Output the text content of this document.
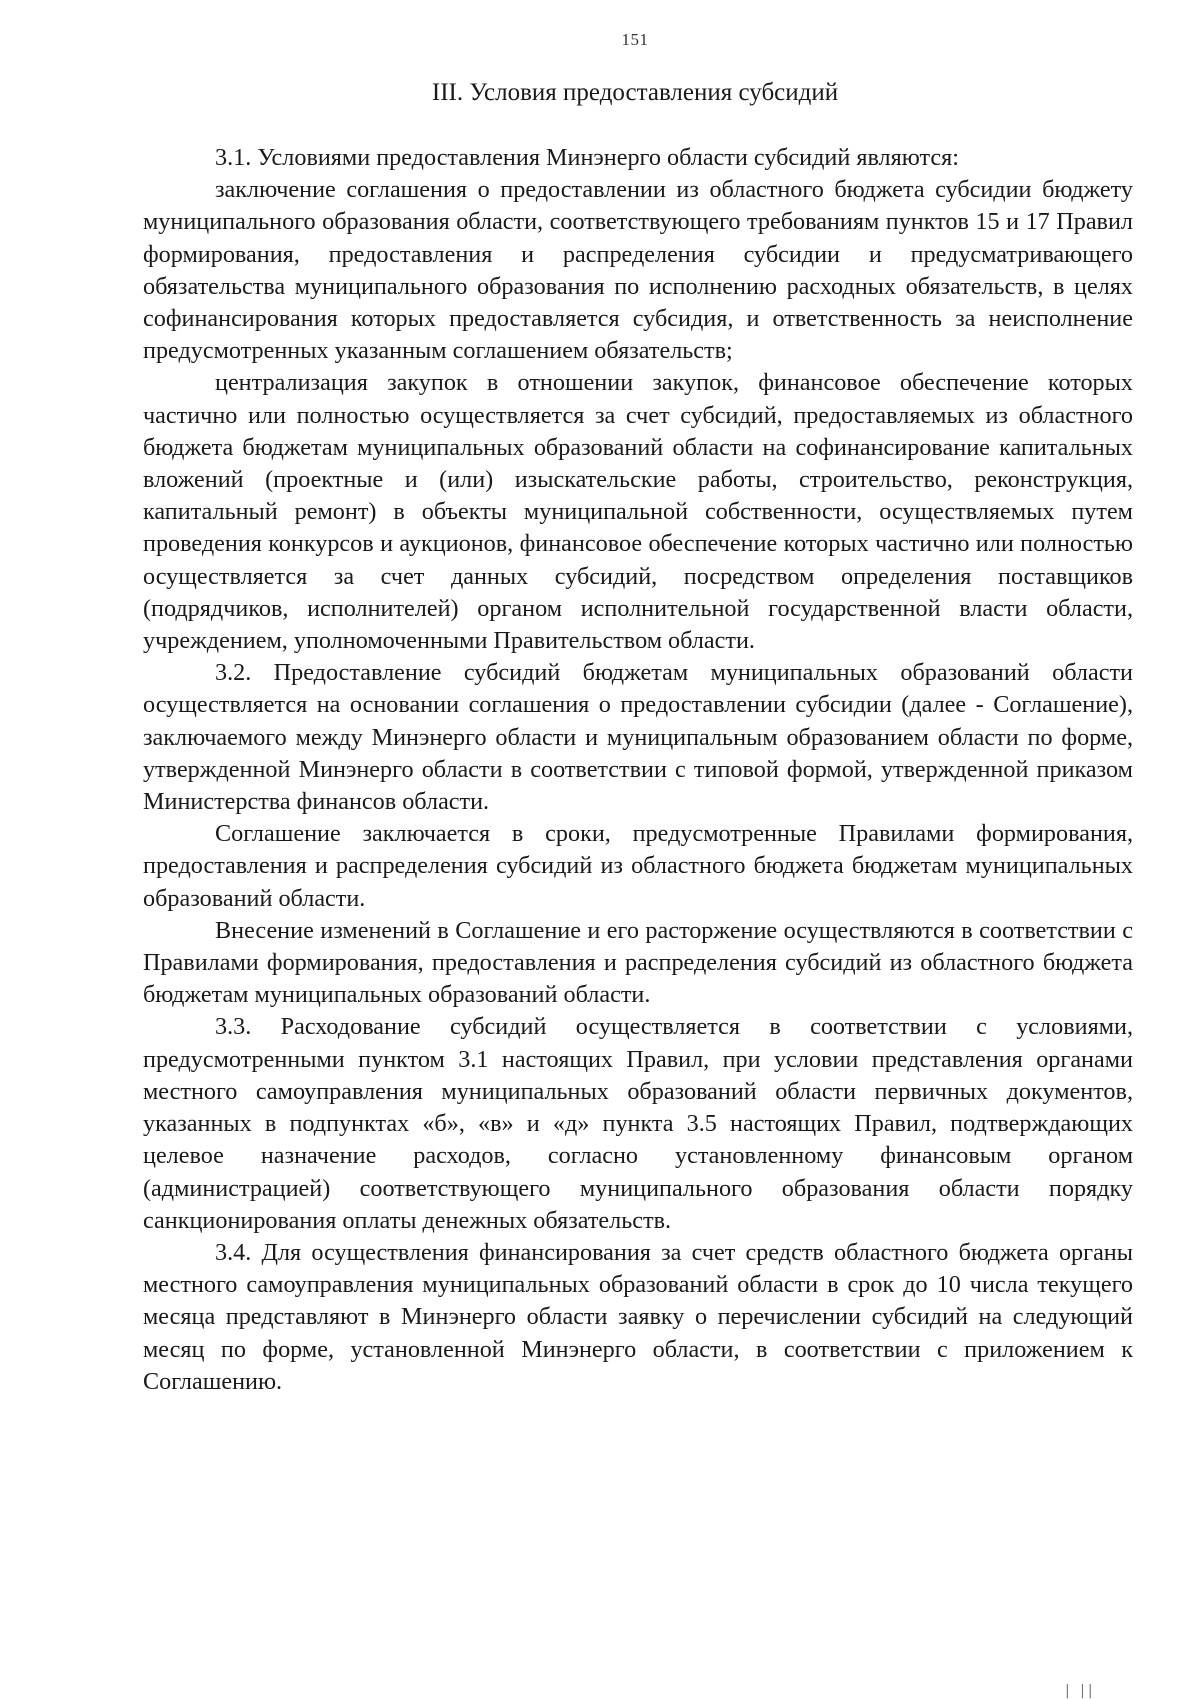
151
III. Условия предоставления субсидий

3.1. Условиями предоставления Минэнерго области субсидий являются:

заключение соглашения о предоставлении из областного бюджета субсидии бюджету муниципального образования области, соответствующего требованиям пунктов 15 и 17 Правил формирования, предоставления и распределения субсидии и предусматривающего обязательства муниципального образования по исполнению расходных обязательств, в целях софинансирования которых предоставляется субсидия, и ответственность за неисполнение предусмотренных указанным соглашением обязательств;

централизация закупок в отношении закупок, финансовое обеспечение которых частично или полностью осуществляется за счет субсидий, предоставляемых из областного бюджета бюджетам муниципальных образований области на софинансирование капитальных вложений (проектные и (или) изыскательские работы, строительство, реконструкция, капитальный ремонт) в объекты муниципальной собственности, осуществляемых путем проведения конкурсов и аукционов, финансовое обеспечение которых частично или полностью осуществляется за счет данных субсидий, посредством определения поставщиков (подрядчиков, исполнителей) органом исполнительной государственной власти области, учреждением, уполномоченными Правительством области.

3.2. Предоставление субсидий бюджетам муниципальных образований области осуществляется на основании соглашения о предоставлении субсидии (далее - Соглашение), заключаемого между Минэнерго области и муниципальным образованием области по форме, утвержденной Минэнерго области в соответствии с типовой формой, утвержденной приказом Министерства финансов области.

Соглашение заключается в сроки, предусмотренные Правилами формирования, предоставления и распределения субсидий из областного бюджета бюджетам муниципальных образований области.

Внесение изменений в Соглашение и его расторжение осуществляются в соответствии с Правилами формирования, предоставления и распределения субсидий из областного бюджета бюджетам муниципальных образований области.

3.3. Расходование субсидий осуществляется в соответствии с условиями, предусмотренными пунктом 3.1 настоящих Правил, при условии представления органами местного самоуправления муниципальных образований области первичных документов, указанных в подпунктах «б», «в» и «д» пункта 3.5 настоящих Правил, подтверждающих целевое назначение расходов, согласно установленному финансовым органом (администрацией) соответствующего муниципального образования области порядку санкционирования оплаты денежных обязательств.

3.4. Для осуществления финансирования за счет средств областного бюджета органы местного самоуправления муниципальных образований области в срок до 10 числа текущего месяца представляют в Минэнерго области заявку о перечислении субсидий на следующий месяц по форме, установленной Минэнерго области, в соответствии с приложением к Соглашению.

| ||
